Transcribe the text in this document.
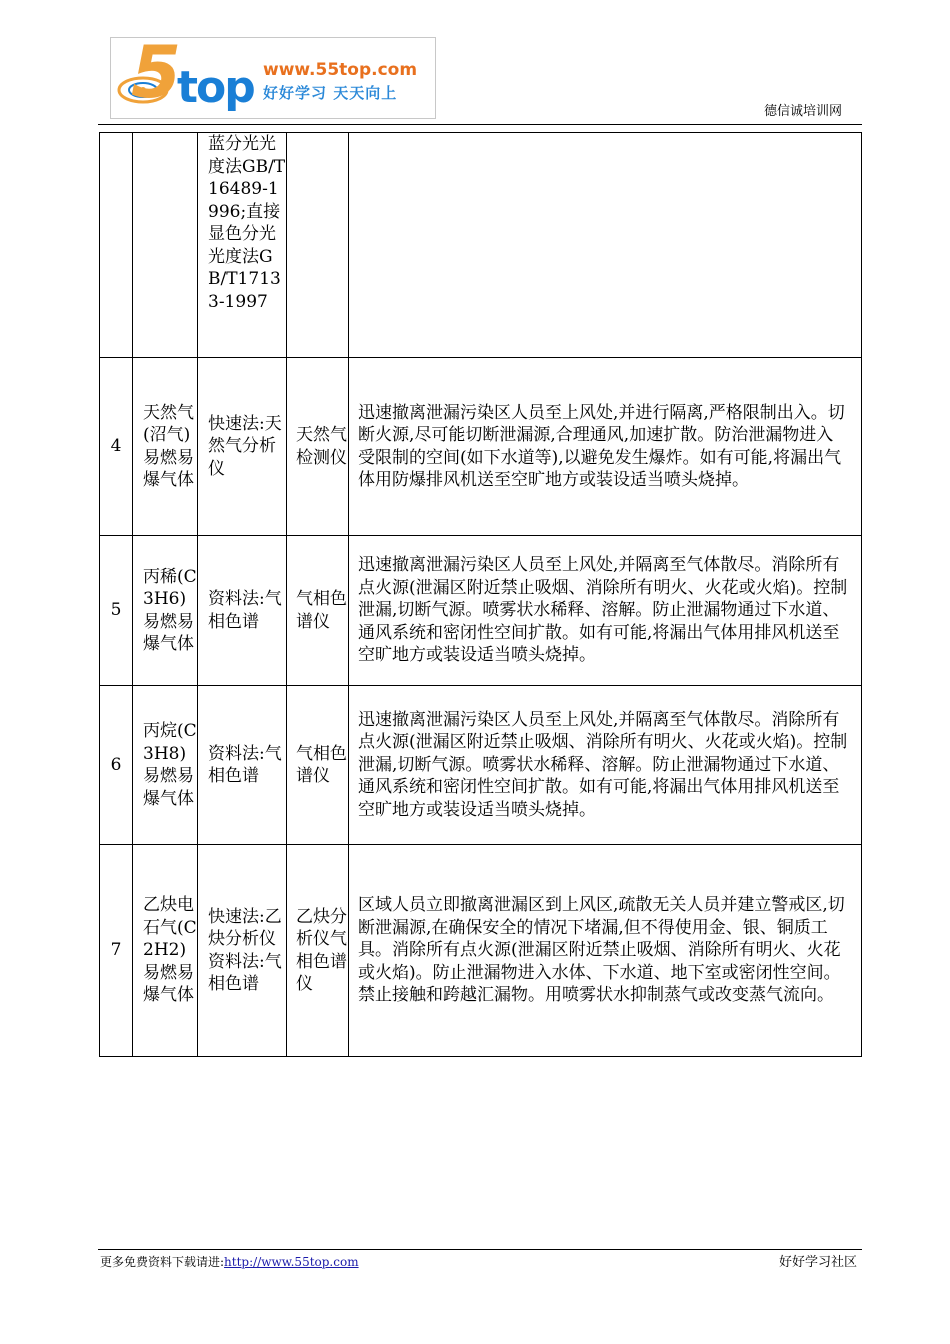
5
top www.55top.com
好好学习 天天向上
德信诚培训网

		蓝分光光度法GB/T16489-1996;直接显色分光光度法GB/T17133-1997		

4	天然气(沼气)易燃易爆气体	快速法:天然气分析仪	天然气检测仪	迅速撤离泄漏污染区人员至上风处,并进行隔离,严格限制出入。切断火源,尽可能切断泄漏源,合理通风,加速扩散。防治泄漏物进入受限制的空间(如下水道等),以避免发生爆炸。如有可能,将漏出气体用防爆排风机送至空旷地方或装设适当喷头烧掉。
5	丙稀(C3H6)易燃易爆气体	资料法:气相色谱	气相色谱仪	迅速撤离泄漏污染区人员至上风处,并隔离至气体散尽。消除所有点火源(泄漏区附近禁止吸烟、消除所有明火、火花或火焰)。控制泄漏,切断气源。喷雾状水稀释、溶解。防止泄漏物通过下水道、通风系统和密闭性空间扩散。如有可能,将漏出气体用排风机送至空旷地方或装设适当喷头烧掉。
6	丙烷(C3H8)易燃易爆气体	资料法:气相色谱	气相色谱仪	迅速撤离泄漏污染区人员至上风处,并隔离至气体散尽。消除所有点火源(泄漏区附近禁止吸烟、消除所有明火、火花或火焰)。控制泄漏,切断气源。喷雾状水稀释、溶解。防止泄漏物通过下水道、通风系统和密闭性空间扩散。如有可能,将漏出气体用排风机送至空旷地方或装设适当喷头烧掉。
7	乙炔电石气(C2H2)易燃易爆气体	快速法:乙炔分析仪资料法:气相色谱	乙炔分析仪气相色谱仪	区域人员立即撤离泄漏区到上风区,疏散无关人员并建立警戒区,切断泄漏源,在确保安全的情况下堵漏,但不得使用金、银、铜质工具。消除所有点火源(泄漏区附近禁止吸烟、消除所有明火、火花或火焰)。防止泄漏物进入水体、下水道、地下室或密闭性空间。禁止接触和跨越汇漏物。用喷雾状水抑制蒸气或改变蒸气流向。
更多免费资料下载请进:http://www.55top.com	好好学习社区
